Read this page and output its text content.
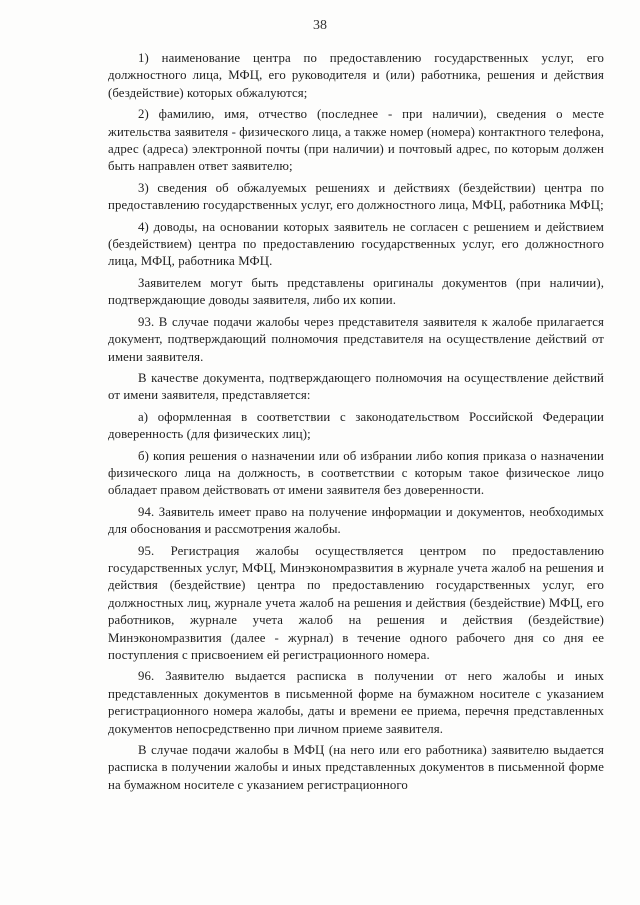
38

1) наименование центра по предоставлению государственных услуг, его должностного лица, МФЦ, его руководителя и (или) работника, решения и действия (бездействие) которых обжалуются;

2) фамилию, имя, отчество (последнее - при наличии), сведения о месте жительства заявителя - физического лица, а также номер (номера) контактного телефона, адрес (адреса) электронной почты (при наличии) и почтовый адрес, по которым должен быть направлен ответ заявителю;

3) сведения об обжалуемых решениях и действиях (бездействии) центра по предоставлению государственных услуг, его должностного лица, МФЦ, работника МФЦ;

4) доводы, на основании которых заявитель не согласен с решением и действием (бездействием) центра по предоставлению государственных услуг, его должностного лица, МФЦ, работника МФЦ.

Заявителем могут быть представлены оригиналы документов (при наличии), подтверждающие доводы заявителя, либо их копии.

93. В случае подачи жалобы через представителя заявителя к жалобе прилагается документ, подтверждающий полномочия представителя на осуществление действий от имени заявителя.

В качестве документа, подтверждающего полномочия на осуществление действий от имени заявителя, представляется:

а) оформленная в соответствии с законодательством Российской Федерации доверенность (для физических лиц);

б) копия решения о назначении или об избрании либо копия приказа о назначении физического лица на должность, в соответствии с которым такое физическое лицо обладает правом действовать от имени заявителя без доверенности.

94. Заявитель имеет право на получение информации и документов, необходимых для обоснования и рассмотрения жалобы.

95. Регистрация жалобы осуществляется центром по предоставлению государственных услуг, МФЦ, Минэкономразвития в журнале учета жалоб на решения и действия (бездействие) центра по предоставлению государственных услуг, его должностных лиц, журнале учета жалоб на решения и действия (бездействие) МФЦ, его работников, журнале учета жалоб на решения и действия (бездействие) Минэкономразвития (далее - журнал) в течение одного рабочего дня со дня ее поступления с присвоением ей регистрационного номера.

96. Заявителю выдается расписка в получении от него жалобы и иных представленных документов в письменной форме на бумажном носителе с указанием регистрационного номера жалобы, даты и времени ее приема, перечня представленных документов непосредственно при личном приеме заявителя.

В случае подачи жалобы в МФЦ (на него или его работника) заявителю выдается расписка в получении жалобы и иных представленных документов в письменной форме на бумажном носителе с указанием регистрационного
